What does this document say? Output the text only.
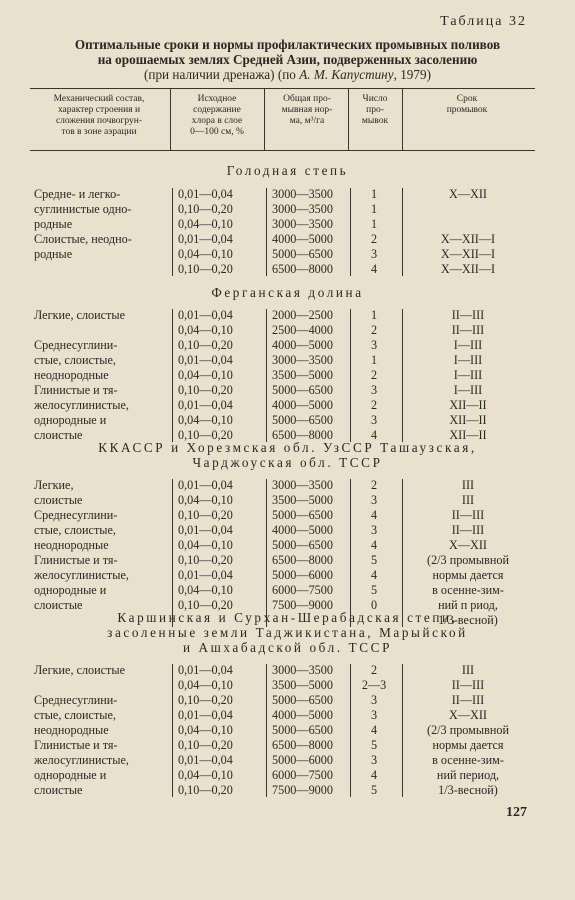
Таблица 32
Оптимальные сроки и нормы профилактических промывных поливов
на орошаемых землях Средней Азии, подверженных засолению
(при наличии дренажа) (по А. М. Капустину, 1979)
Механический состав,
характер строения и
сложения почвогрун-
тов в зоне аэрации
Исходное
содержание
хлора в слое
0—100 см, %
Общая про-
мывная нор-
ма, м³/га
Число
про-
мывок
Срок
промывок
Голодная степь
Средне- и легко-
суглинистые одно-
родные
Слоистые, неодно-
родные
0,01—0,04
0,10—0,20
0,04—0,10
0,01—0,04
0,04—0,10
0,10—0,20
3000—3500
3000—3500
3000—3500
4000—5000
5000—6500
6500—8000
1
1
1
2
3
4
X—XII
X—XII—I
X—XII—I
X—XII—I
Ферганская долина
Легкие, слоистые
Среднесуглини-
стые, слоистые,
неоднородные
Глинистые и тя-
желосуглинистые,
однородные и
слоистые
0,01—0,04
0,04—0,10
0,10—0,20
0,01—0,04
0,04—0,10
0,10—0,20
0,01—0,04
0,04—0,10
0,10—0,20
2000—2500
2500—4000
4000—5000
3000—3500
3500—5000
5000—6500
4000—5000
5000—6500
6500—8000
1
2
3
1
2
3
2
3
4
II—III
II—III
I—III
I—III
I—III
I—III
XII—II
XII—II
XII—II
ККАССР и Хорезмская обл. УзССР Ташаузская,
Чарджоуская обл. ТССР
Легкие,
слоистые
Среднесуглини-
стые, слоистые,
неоднородные
Глинистые и тя-
желосуглинистые,
однородные и
слоистые
0,01—0,04
0,04—0,10
0,10—0,20
0,01—0,04
0,04—0,10
0,10—0,20
0,01—0,04
0,04—0,10
0,10—0,20
3000—3500
3500—5000
5000—6500
4000—5000
5000—6500
6500—8000
5000—6000
6000—7500
7500—9000
2
3
4
3
4
5
4
5
0
III
III
II—III
II—III
X—XII
(2/3 промывной
нормы дается
в осенне-зим-
ний п риод,
1/3-весной)
Каршинская и Сурхан-Шерабадская степи,
засоленные земли Таджикистана, Марыйской
и Ашхабадской обл. ТССР
Легкие, слоистые
Среднесуглини-
стые, слоистые,
неоднородные
Глинистые и тя-
желосуглинистые,
однородные и
слоистые
0,01—0,04
0,04—0,10
0,10—0,20
0,01—0,04
0,04—0,10
0,10—0,20
0,01—0,04
0,04—0,10
0,10—0,20
3000—3500
3500—5000
5000—6500
4000—5000
5000—6500
6500—8000
5000—6000
6000—7500
7500—9000
2
2—3
3
3
4
5
3
4
5
III
II—III
II—III
X—XII
(2/3 промывной
нормы дается
в осенне-зим-
ний период,
1/3-весной)
127
